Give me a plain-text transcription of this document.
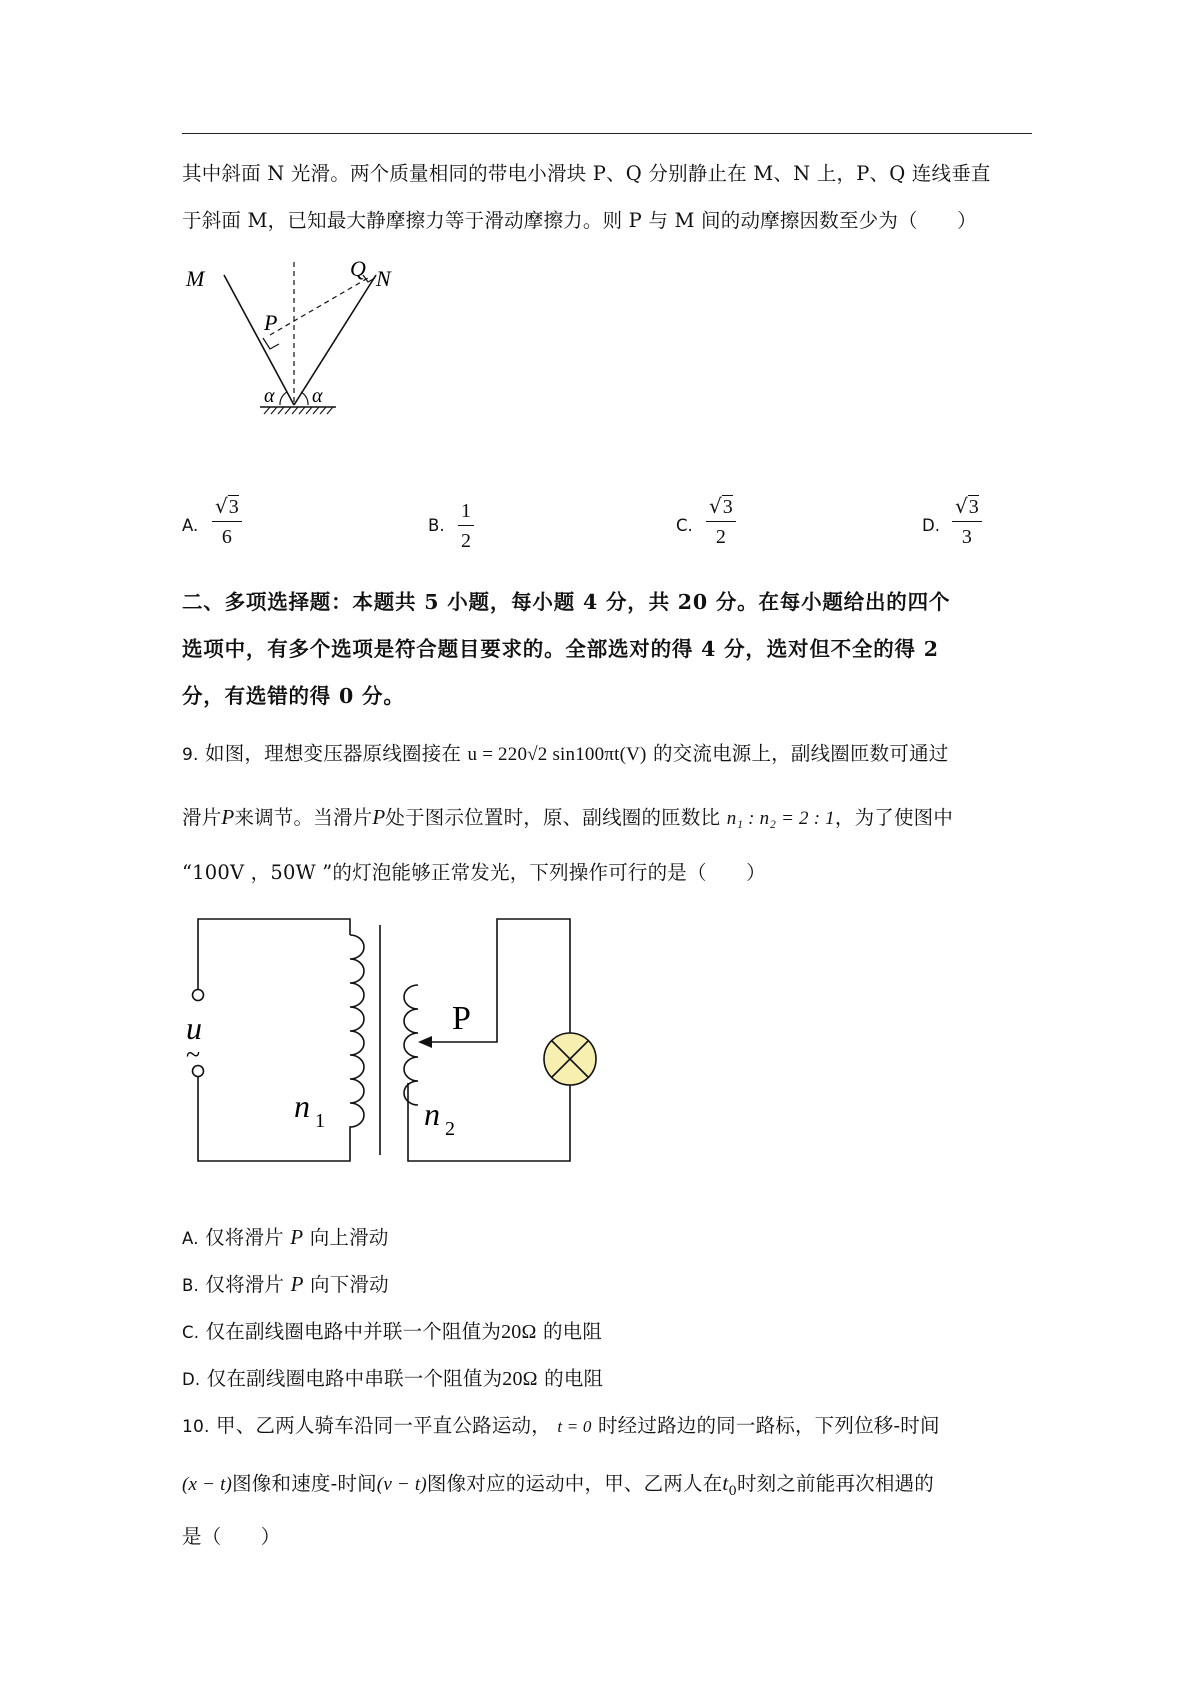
其中斜面 N 光滑。两个质量相同的带电小滑块 P、Q 分别静止在 M、N 上，P、Q 连线垂直
于斜面 M，已知最大静摩擦力等于滑动摩擦力。则 P 与 M 间的动摩擦因数至少为（　　）
M	N
Q
P
α α
A. $\frac{√3}{6}$	B. $\frac{1}{2}$	C. $\frac{√3}{2}$	D. $\frac{√3}{3}$
二、多项选择题：本题共 5 小题，每小题 4 分，共 20 分。在每小题给出的四个
选项中，有多个选项是符合题目要求的。全部选对的得 4 分，选对但不全的得 2
分，有选错的得 0 分。
9. 如图，理想变压器原线圈接在 u = 220√2 sin100πt(V) 的交流电源上，副线圈匝数可通过
滑片P来调节。当滑片P处于图示位置时，原、副线圈的匝数比 n₁ : n₂ = 2 : 1，为了使图中
“100V ，50W ”的灯泡能够正常发光，下列操作可行的是（　　）
u
~
P
n 1	n 2
A. 仅将滑片 P 向上滑动
B. 仅将滑片 P 向下滑动
C. 仅在副线圈电路中并联一个阻值为20Ω 的电阻
D. 仅在副线圈电路中串联一个阻值为20Ω 的电阻
10. 甲、乙两人骑车沿同一平直公路运动， t = 0 时经过路边的同一路标，下列位移-时间
(x − t)图像和速度-时间(v − t)图像对应的运动中，甲、乙两人在$t_0$时刻之前能再次相遇的
是（　　）
